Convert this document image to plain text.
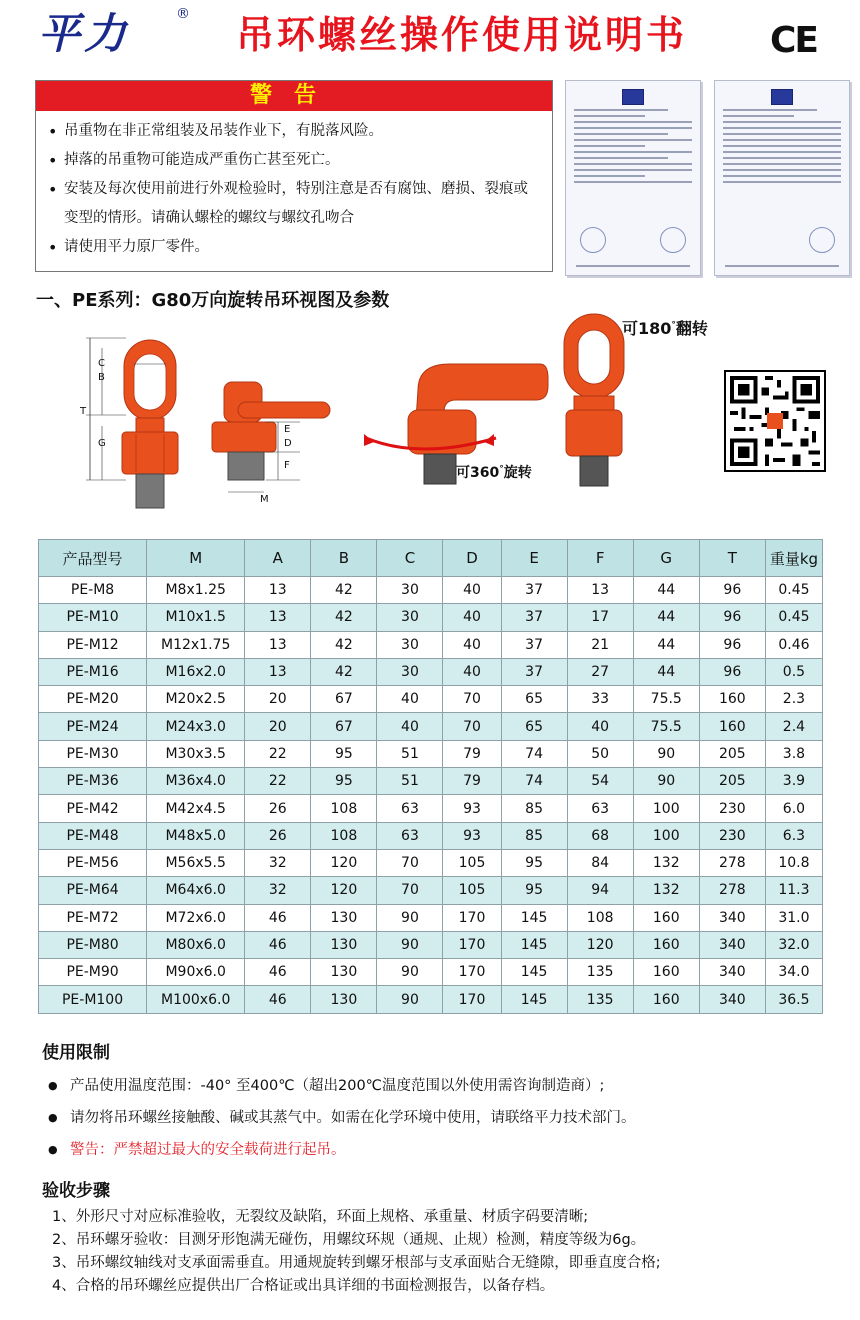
平力	® 吊环螺丝操作使用说明书 CE
警告
• 吊重物在非正常组装及吊装作业下，有脱落风险。
• 掉落的吊重物可能造成严重伤亡甚至死亡。
• 安装及每次使用前进行外观检验时，特别注意是否有腐蚀、磨损、裂痕或
变型的情形。请确认螺栓的螺纹与螺纹孔吻合
• 请使用平力原厂零件。
一、PE系列：G80万向旋转吊环视图及参数
C
B
T
G
E
D
F
M
可360°旋转
可180°翻转
产品型号	M	A	B	C	D	E	F	G	T	重量kg
PE-M8	M8x1.25	13	42	30	40	37	13	44	96	0.45
PE-M10	M10x1.5	13	42	30	40	37	17	44	96	0.45
PE-M12	M12x1.75	13	42	30	40	37	21	44	96	0.46
PE-M16	M16x2.0	13	42	30	40	37	27	44	96	0.5
PE-M20	M20x2.5	20	67	40	70	65	33	75.5	160	2.3
PE-M24	M24x3.0	20	67	40	70	65	40	75.5	160	2.4
PE-M30	M30x3.5	22	95	51	79	74	50	90	205	3.8
PE-M36	M36x4.0	22	95	51	79	74	54	90	205	3.9
PE-M42	M42x4.5	26	108	63	93	85	63	100	230	6.0
PE-M48	M48x5.0	26	108	63	93	85	68	100	230	6.3
PE-M56	M56x5.5	32	120	70	105	95	84	132	278	10.8
PE-M64	M64x6.0	32	120	70	105	95	94	132	278	11.3
PE-M72	M72x6.0	46	130	90	170	145	108	160	340	31.0
PE-M80	M80x6.0	46	130	90	170	145	120	160	340	32.0
PE-M90	M90x6.0	46	130	90	170	145	135	160	340	34.0
PE-M100	M100x6.0	46	130	90	170	145	135	160	340	36.5
使用限制
● 产品使用温度范围：-40° 至400℃（超出200℃温度范围以外使用需咨询制造商）;
● 请勿将吊环螺丝接触酸、碱或其蒸气中。如需在化学环境中使用，请联络平力技术部门。
● 警告：严禁超过最大的安全载荷进行起吊。
验收步骤
1、外形尺寸对应标准验收，无裂纹及缺陷，环面上规格、承重量、材质字码要清晰;
2、吊环螺牙验收：目测牙形饱满无碰伤，用螺纹环规（通规、止规）检测，精度等级为6g。
3、吊环螺纹轴线对支承面需垂直。用通规旋转到螺牙根部与支承面贴合无缝隙，即垂直度合格;
4、合格的吊环螺丝应提供出厂合格证或出具详细的书面检测报告，以备存档。
